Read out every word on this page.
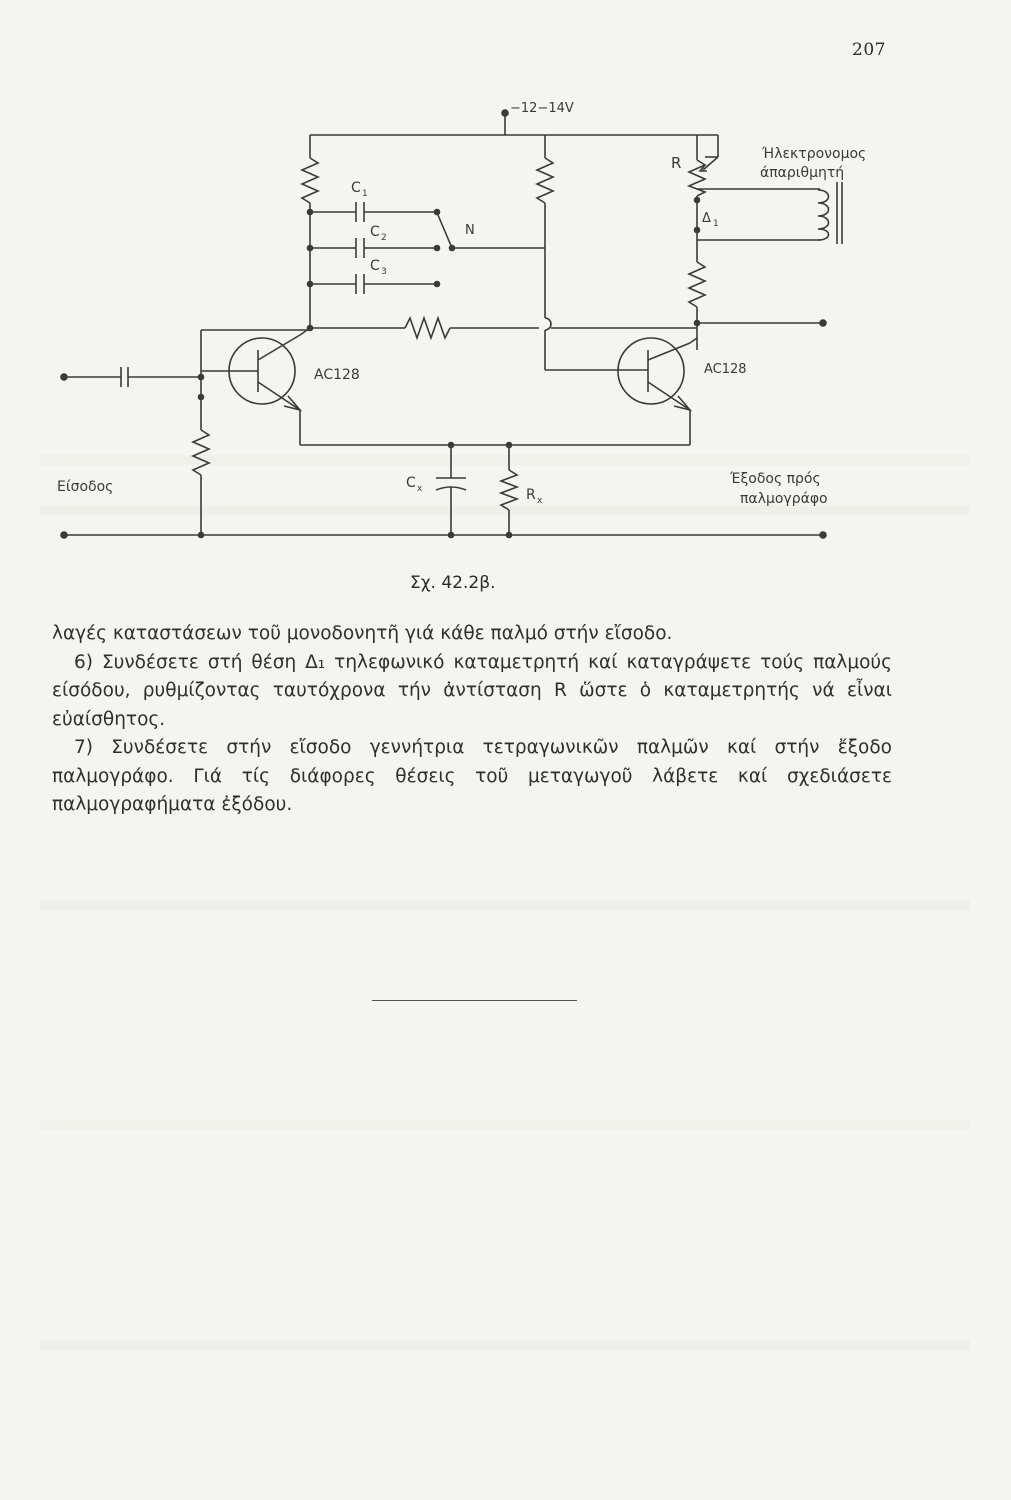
207
−12−14V
Ήλεκτρονομος
άπαριθμητή
R
Δ 1
C 1
C 2
C 3
N
AC128	AC128
Είσοδος	C x	R x
Έξοδος πρός
παλμογράφο
Σχ. 42.2β.

λαγές καταστάσεων τοῦ μονοδονητῆ γιά κάθε παλμό στήν εἴσοδο.

6) Συνδέσετε στή θέση Δ₁ τηλεφωνικό καταμετρητή καί καταγράψετε τούς παλμούς είσόδου, ρυθμίζοντας ταυτόχρονα τήν ἀντίσταση R ὥστε ὁ καταμετρητής νά εἶναι εὐαίσθητος.

7) Συνδέσετε στήν εἴσοδο γεννήτρια τετραγωνικῶν παλμῶν καί στήν ἔξοδο παλμογράφο. Γιά τίς διάφορες θέσεις τοῦ μεταγωγοῦ λάβετε καί σχεδιάσετε παλμογραφήματα ἐξόδου.
